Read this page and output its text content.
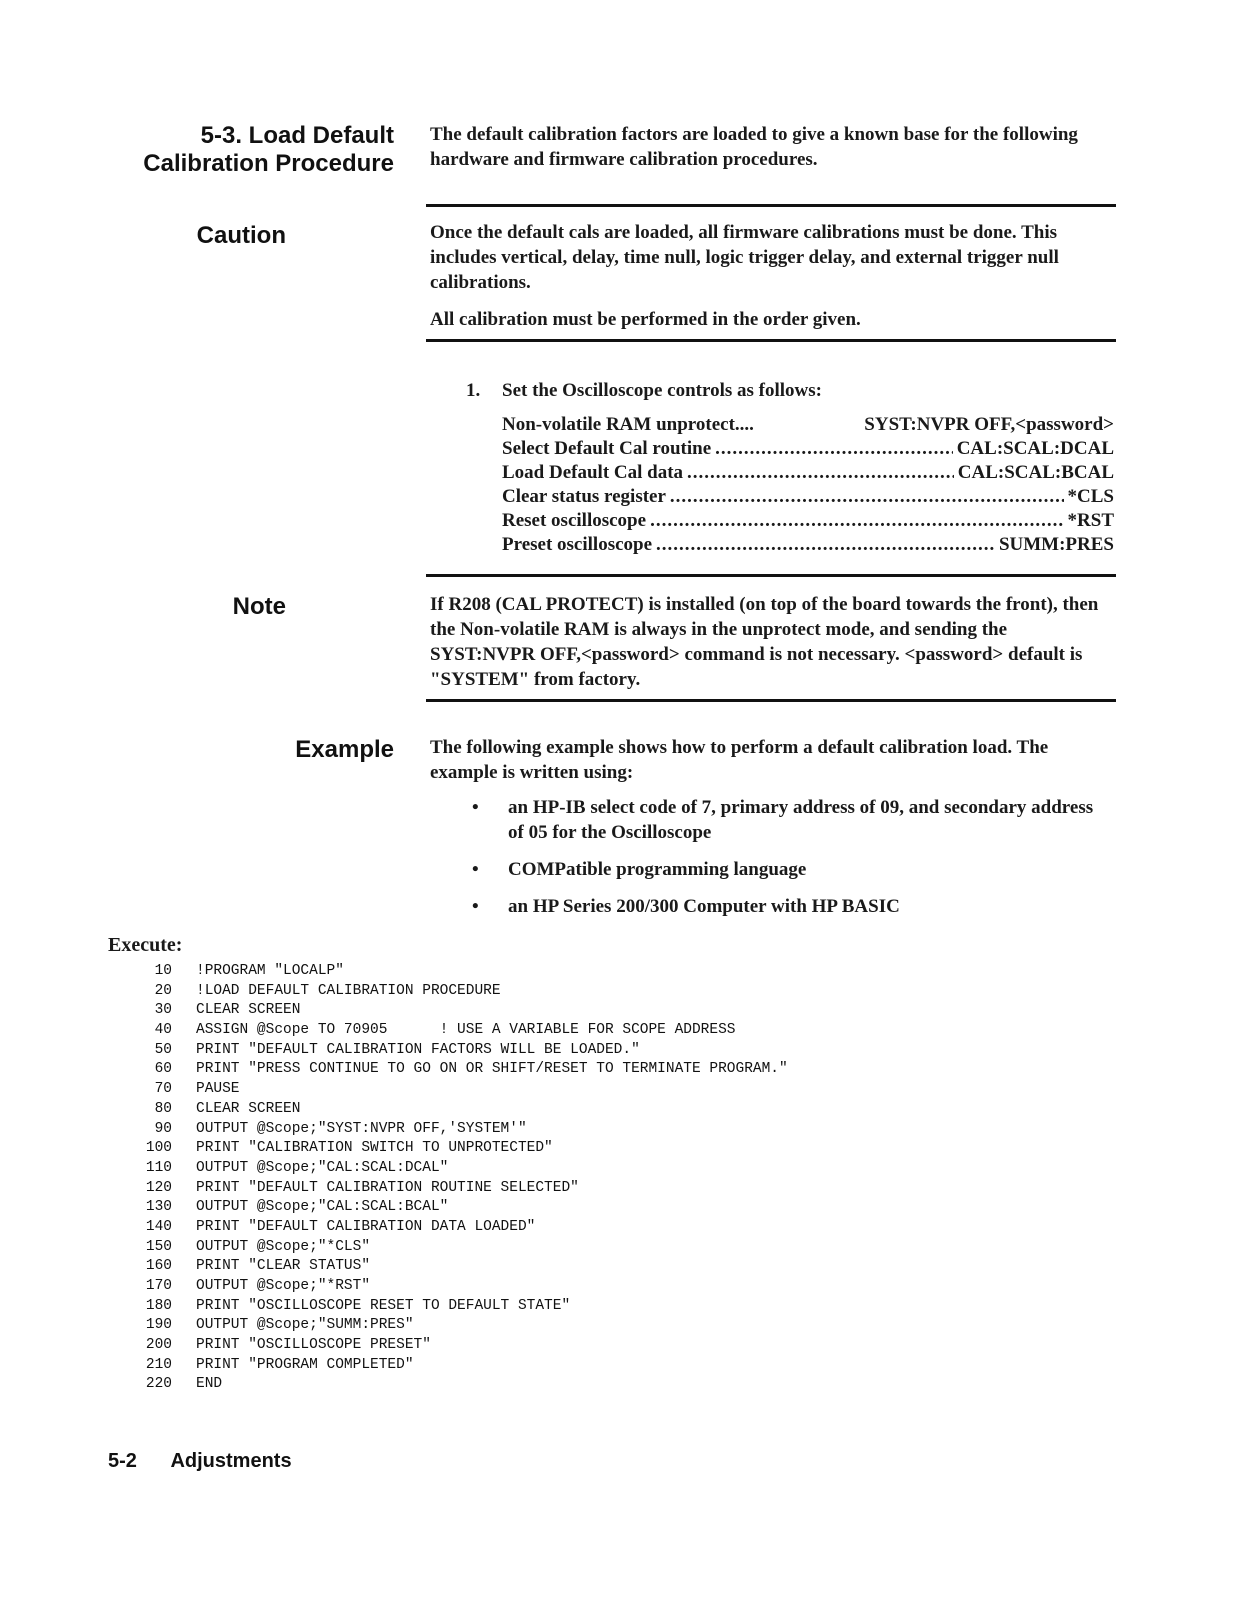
5-3. Load Default
Calibration Procedure
The default calibration factors are loaded to give a known base for the following hardware and firmware calibration procedures.
Caution	Once the default cals are loaded, all firmware calibrations must be done. This includes vertical, delay, time null, logic trigger delay, and external trigger null calibrations.
All calibration must be performed in the order given.
1.	Set the Oscilloscope controls as follows:
Non-volatile RAM unprotect....	SYST:NVPR OFF,<password>
Select Default Cal routine .....	CAL:SCAL:DCAL
Load Default Cal data .....	CAL:SCAL:BCAL
Clear status register .....	*CLS
Reset oscilloscope .....	*RST
Preset oscilloscope .....	SUMM:PRES
Note	If R208 (CAL PROTECT) is installed (on top of the board towards the front), then the Non-volatile RAM is always in the unprotect mode, and sending the SYST:NVPR OFF,<password> command is not necessary. <password> default is "SYSTEM" from factory.
Example The following example shows how to perform a default calibration load. The example is written using:
•	an HP-IB select code of 7, primary address of 09, and secondary address of 05 for the Oscilloscope
•	COMPatible programming language
•	an HP Series 200/300 Computer with HP BASIC
Execute:
10 !PROGRAM "LOCALP"
20 !LOAD DEFAULT CALIBRATION PROCEDURE
30 CLEAR SCREEN
40 ASSIGN @Scope TO 70905      ! USE A VARIABLE FOR SCOPE ADDRESS
50 PRINT "DEFAULT CALIBRATION FACTORS WILL BE LOADED."
60 PRINT "PRESS CONTINUE TO GO ON OR SHIFT/RESET TO TERMINATE PROGRAM."
70 PAUSE
80 CLEAR SCREEN
90 OUTPUT @Scope;"SYST:NVPR OFF,'SYSTEM'"
100 PRINT "CALIBRATION SWITCH TO UNPROTECTED"
110 OUTPUT @Scope;"CAL:SCAL:DCAL"
120 PRINT "DEFAULT CALIBRATION ROUTINE SELECTED"
130 OUTPUT @Scope;"CAL:SCAL:BCAL"
140 PRINT "DEFAULT CALIBRATION DATA LOADED"
150 OUTPUT @Scope;"*CLS"
160 PRINT "CLEAR STATUS"
170 OUTPUT @Scope;"*RST"
180 PRINT "OSCILLOSCOPE RESET TO DEFAULT STATE"
190 OUTPUT @Scope;"SUMM:PRES"
200 PRINT "OSCILLOSCOPE PRESET"
210 PRINT "PROGRAM COMPLETED"
220 END
5-2 Adjustments
